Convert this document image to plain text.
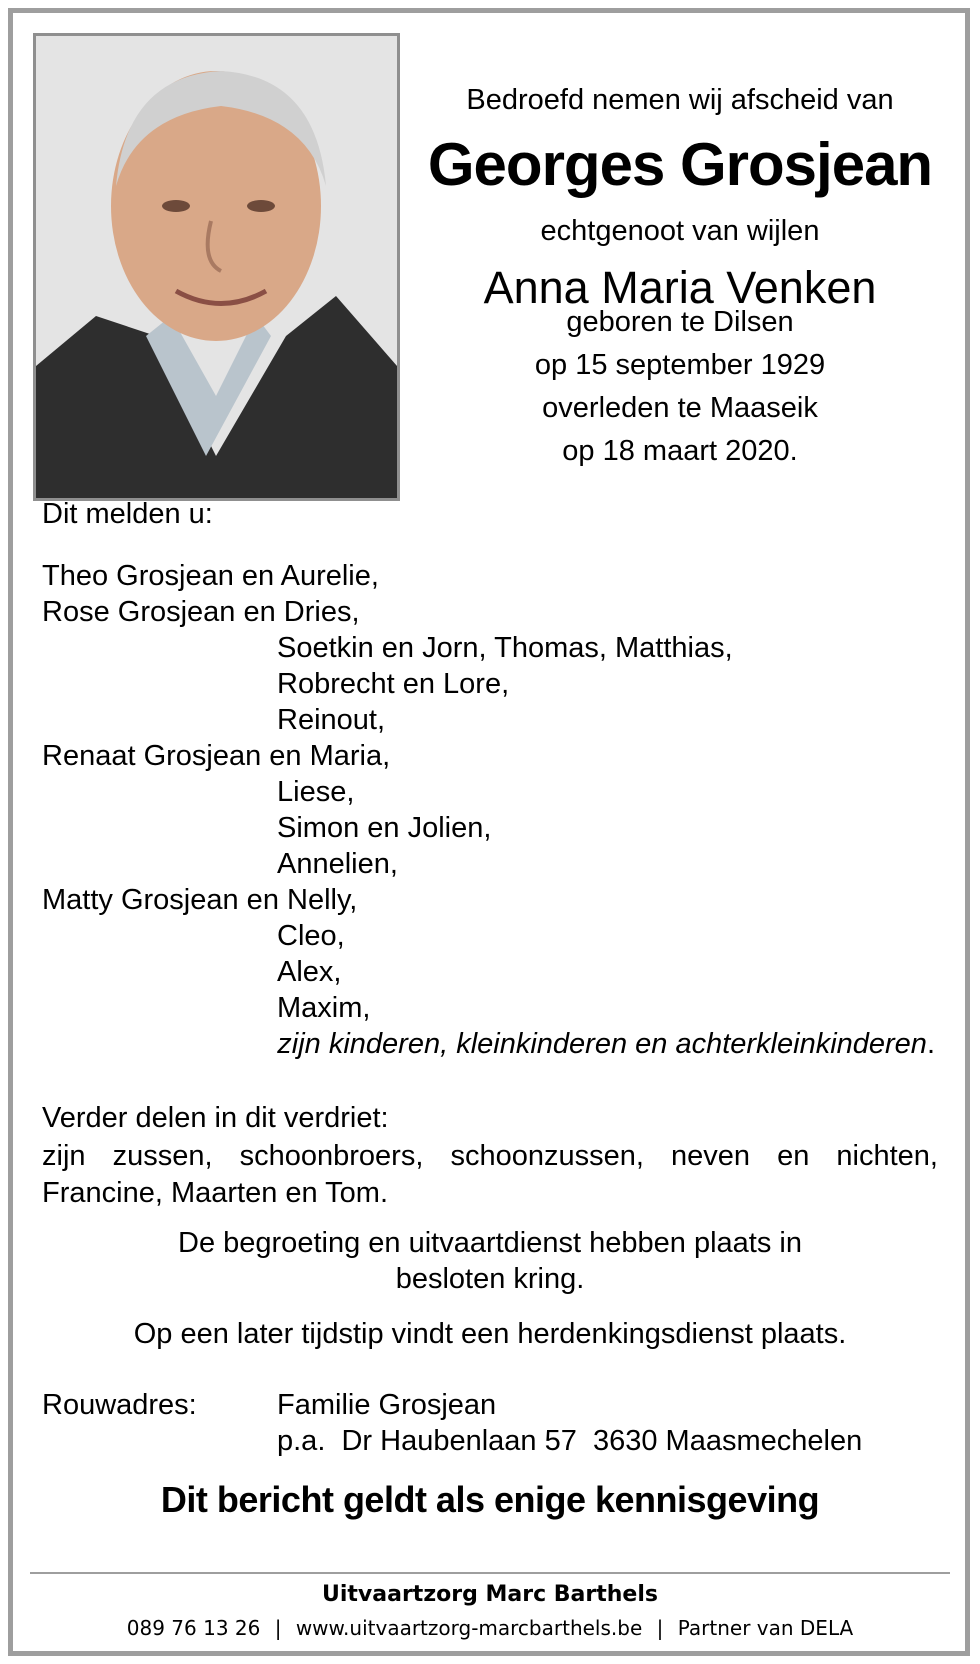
Bedroefd nemen wij afscheid van
Georges Grosjean
echtgenoot van wijlen
Anna Maria Venken
geboren te Dilsen
op 15 september 1929
overleden te Maaseik
op 18 maart 2020.
Dit melden u:
Theo Grosjean en Aurelie,
Rose Grosjean en Dries,
Soetkin en Jorn, Thomas, Matthias,
Robrecht en Lore,
Reinout,
Renaat Grosjean en Maria,
Liese,
Simon en Jolien,
Annelien,
Matty Grosjean en Nelly,
Cleo,
Alex,
Maxim,
zijn kinderen, kleinkinderen en achterkleinkinderen.
Verder delen in dit verdriet:
zijn zussen, schoonbroers, schoonzussen, neven en nichten,
Francine, Maarten en Tom.
De begroeting en uitvaartdienst hebben plaats in
besloten kring.
Op een later tijdstip vindt een herdenkingsdienst plaats.
Rouwadres:	Familie Grosjean
p.a.  Dr Haubenlaan 57  3630 Maasmechelen
Dit bericht geldt als enige kennisgeving
Uitvaartzorg Marc Barthels
089 76 13 26 | www.uitvaartzorg-marcbarthels.be | Partner van DELA
